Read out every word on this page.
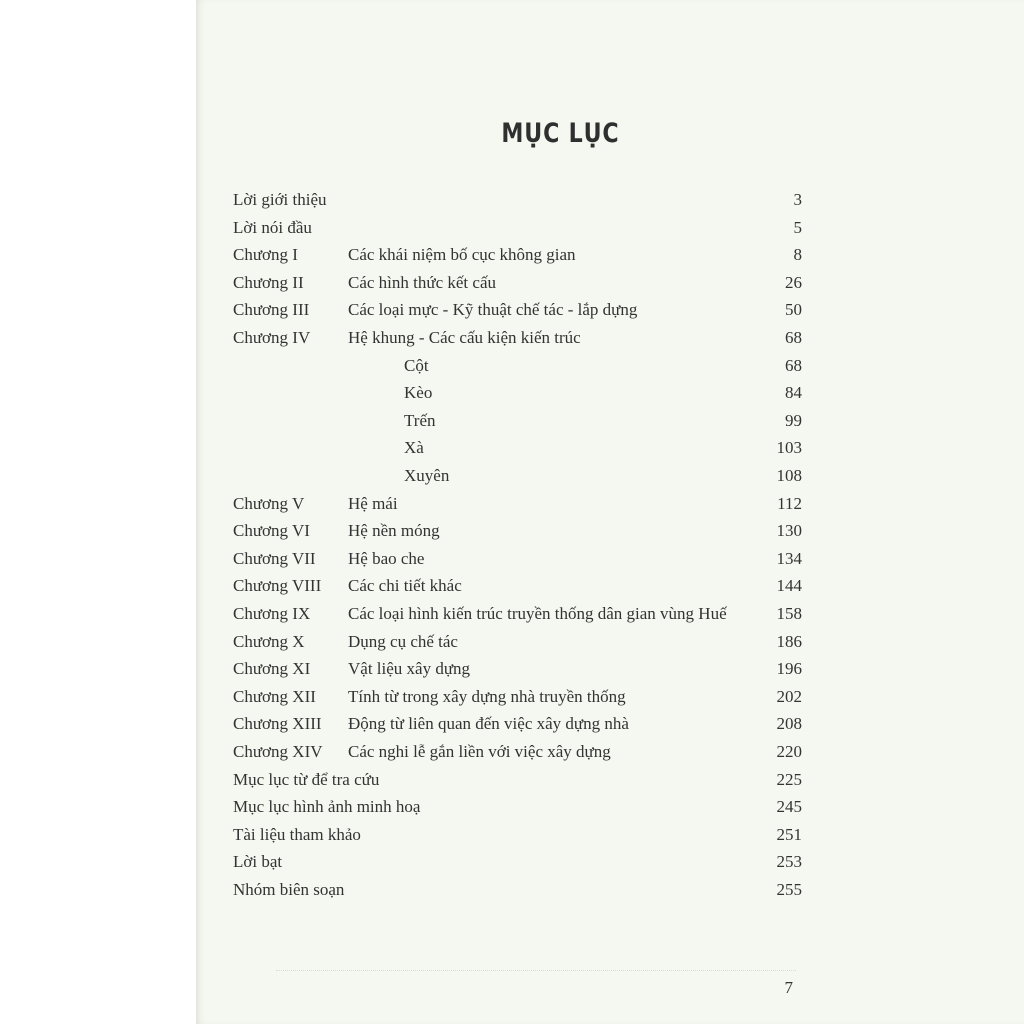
MỤC LỤC
Lời giới thiệu	3
Lời nói đầu	5
Chương I	Các khái niệm bố cục không gian	8
Chương II	Các hình thức kết cấu	26
Chương III Các loại mực - Kỹ thuật chế tác - lắp dựng	50
Chương IV Hệ khung - Các cấu kiện kiến trúc	68
Cột	68
Kèo	84
Trến	99
Xà	103
Xuyên	108
Chương V	Hệ mái	112
Chương VI Hệ nền móng	130
Chương VII Hệ bao che	134
Chương VIII Các chi tiết khác	144
Chương IX Các loại hình kiến trúc truyền thống dân gian vùng Huế	158
Chương X	Dụng cụ chế tác	186
Chương XI Vật liệu xây dựng	196
Chương XII Tính từ trong xây dựng nhà truyền thống	202
Chương XIII Động từ liên quan đến việc xây dựng nhà	208
Chương XIV Các nghi lễ gắn liền với việc xây dựng	220
Mục lục từ để tra cứu	225
Mục lục hình ảnh minh hoạ	245
Tài liệu tham khảo	251
Lời bạt	253
Nhóm biên soạn	255
7
